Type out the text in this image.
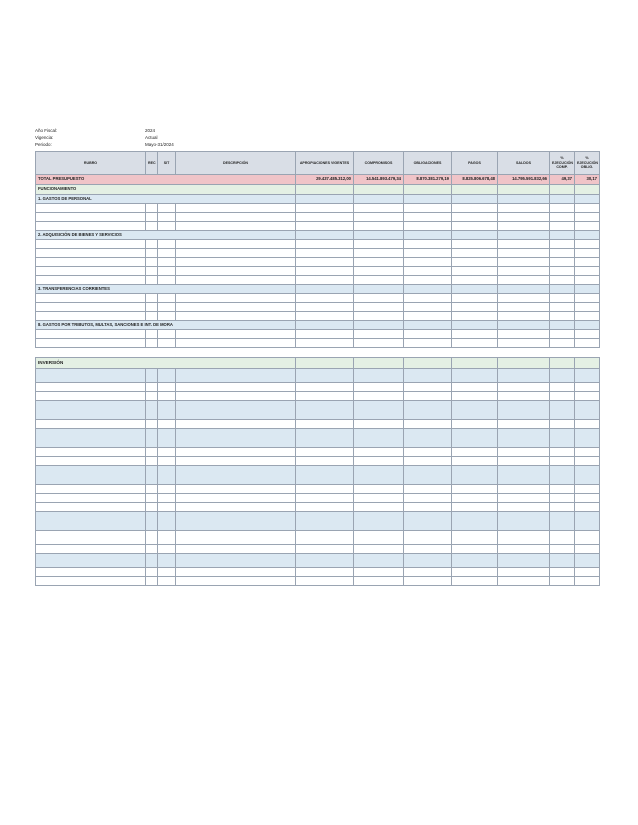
Año Fiscal:	2024
Vigencia:	Actual
Periodo:	Mayo-31/2024
RUBRO	REC	SIT	DESCRIPCIÓN	APROPIACIONES VIGENTES	COMPROMISOS	OBLIGACIONES	PAGOS	SALDOS	% EJECUCIÓN COMP.	% EJECUCIÓN OBLIG.
TOTAL PRESUPUESTO				29.437.485.312,00	14.541.893.479,34	8.870.381.279,19	8.825.806.678,48	14.795.591.832,66	49,37	30,17
FUNCIONAMIENTO										
1. GASTOS DE PERSONAL										

2. ADQUISICIÓN DE BIENES Y SERVICIOS										

3. TRANSFERENCIAS CORRIENTES										

8. GASTOS POR TRIBUTOS, MULTAS, SANCIONES E INT. DE MORA										

INVERSIÓN										
